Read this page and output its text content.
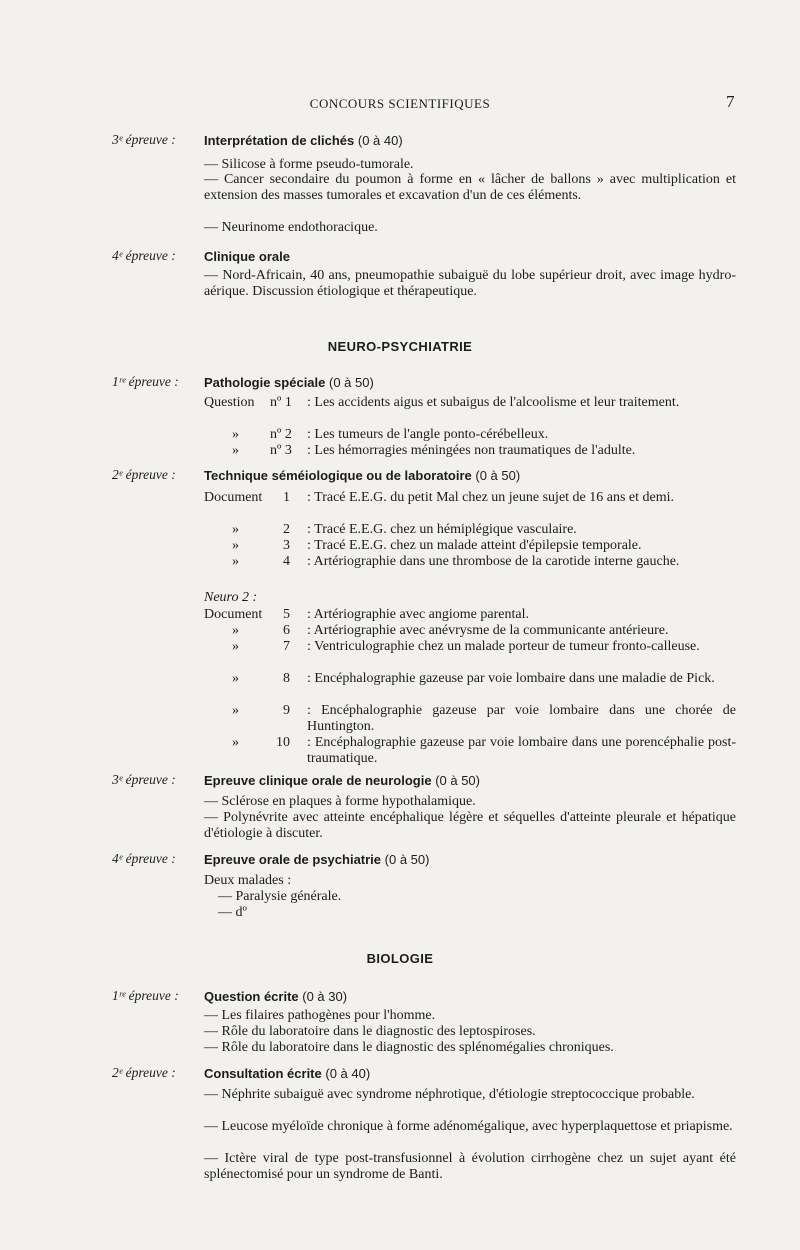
CONCOURS SCIENTIFIQUES	7
3ᵉ épreuve :	Interprétation de clichés (0 à 40)
— Silicose à forme pseudo-tumorale.
— Cancer secondaire du poumon à forme en « lâcher de ballons » avec multiplication et extension des masses tumorales et excavation d'un de ces éléments.
— Neurinome endothoracique.
4ᵉ épreuve :	Clinique orale
— Nord-Africain, 40 ans, pneumopathie subaiguë du lobe supérieur droit, avec image hydro-aérique. Discussion étiologique et thérapeutique.
NEURO-PSYCHIATRIE
1ʳᵉ épreuve :	Pathologie spéciale (0 à 50)
Question nº 1 : Les accidents aigus et subaigus de l'alcoolisme et leur traitement.
» nº 2 : Les tumeurs de l'angle ponto-cérébelleux.
» nº 3 : Les hémorragies méningées non traumatiques de l'adulte.
2ᵉ épreuve :	Technique séméiologique ou de laboratoire (0 à 50)
Document 1 : Tracé E.E.G. du petit Mal chez un jeune sujet de 16 ans et demi.
»	2 : Tracé E.E.G. chez un hémiplégique vasculaire.
»	3 : Tracé E.E.G. chez un malade atteint d'épilepsie temporale.
»	4 : Artériographie dans une thrombose de la carotide interne gauche.
Neuro 2 :
Document 5 : Artériographie avec angiome parental.
»	6 : Artériographie avec anévrysme de la communicante antérieure.
»	7 : Ventriculographie chez un malade porteur de tumeur fronto-calleuse.
»	8 : Encéphalographie gazeuse par voie lombaire dans une maladie de Pick.
»	9 : Encéphalographie gazeuse par voie lombaire dans une chorée de Huntington.
»	10 : Encéphalographie gazeuse par voie lombaire dans une porencéphalie post-traumatique.
3ᵉ épreuve :	Epreuve clinique orale de neurologie (0 à 50)
— Sclérose en plaques à forme hypothalamique.
— Polynévrite avec atteinte encéphalique légère et séquelles d'atteinte pleurale et hépatique d'étiologie à discuter.
4ᵉ épreuve :	Epreuve orale de psychiatrie (0 à 50)
Deux malades :
— Paralysie générale.
— dº
BIOLOGIE
1ʳᵉ épreuve :	Question écrite (0 à 30)
— Les filaires pathogènes pour l'homme.
— Rôle du laboratoire dans le diagnostic des leptospiroses.
— Rôle du laboratoire dans le diagnostic des splénomégalies chroniques.
2ᵉ épreuve :	Consultation écrite (0 à 40)
— Néphrite subaiguë avec syndrome néphrotique, d'étiologie streptococcique probable.
— Leucose myéloïde chronique à forme adénomégalique, avec hyperplaquettose et priapisme.
— Ictère viral de type post-transfusionnel à évolution cirrhogène chez un sujet ayant été splénectomisé pour un syndrome de Banti.
